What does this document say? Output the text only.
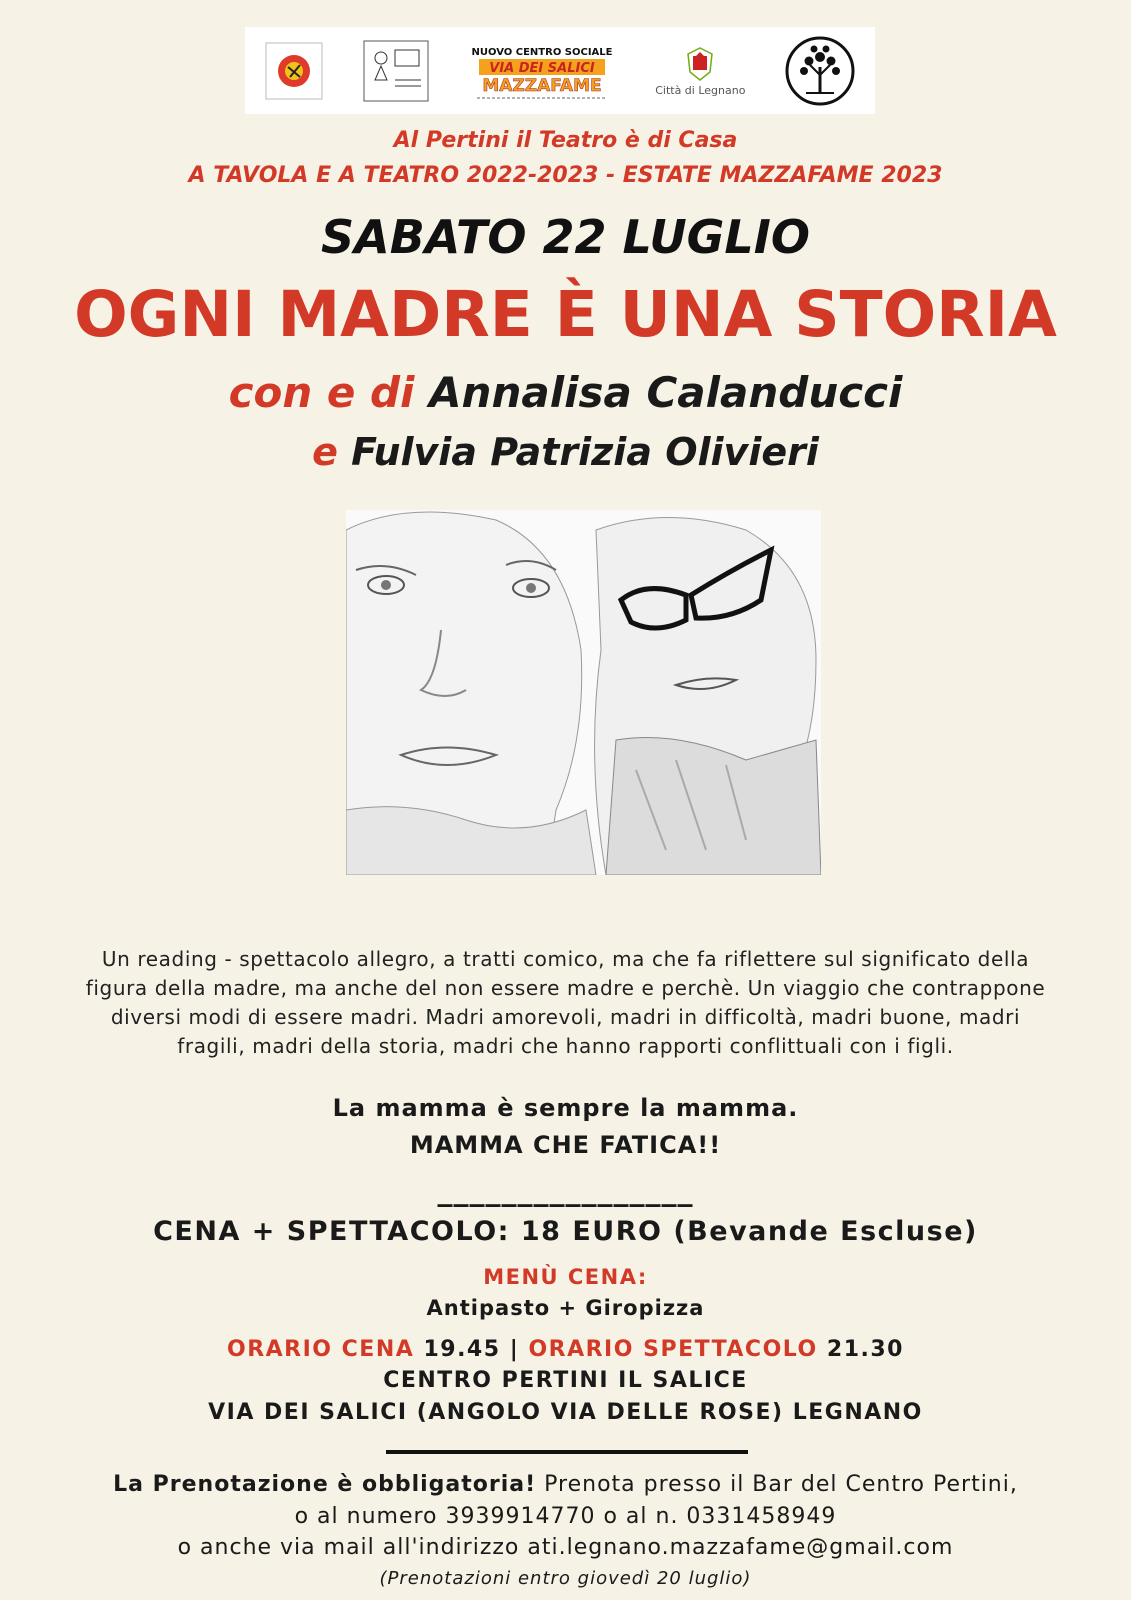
NUOVO CENTRO SOCIALE
VIA DEI SALICI
MAZZAFAME	Città di Legnano
Al Pertini il Teatro è di Casa
A TAVOLA E A TEATRO 2022-2023 - ESTATE MAZZAFAME 2023
SABATO 22 LUGLIO
OGNI MADRE È UNA STORIA
con e di Annalisa Calanducci
e Fulvia Patrizia Olivieri
Un reading - spettacolo allegro, a tratti comico, ma che fa riflettere sul significato della
figura della madre, ma anche del non essere madre e perchè. Un viaggio che contrappone
diversi modi di essere madri. Madri amorevoli, madri in difficoltà, madri buone, madri
fragili, madri della storia, madri che hanno rapporti conflittuali con i figli.
La mamma è sempre la mamma.
MAMMA CHE FATICA!!
________________
CENA + SPETTACOLO: 18 EURO (Bevande Escluse)
MENÙ CENA:
Antipasto + Giropizza
ORARIO CENA 19.45 | ORARIO SPETTACOLO 21.30
CENTRO PERTINI IL SALICE
VIA DEI SALICI (ANGOLO VIA DELLE ROSE) LEGNANO
La Prenotazione è obbligatoria! Prenota presso il Bar del Centro Pertini,
o al numero 3939914770 o al n. 0331458949
o anche via mail all'indirizzo ati.legnano.mazzafame@gmail.com
(Prenotazioni entro giovedì 20 luglio)
